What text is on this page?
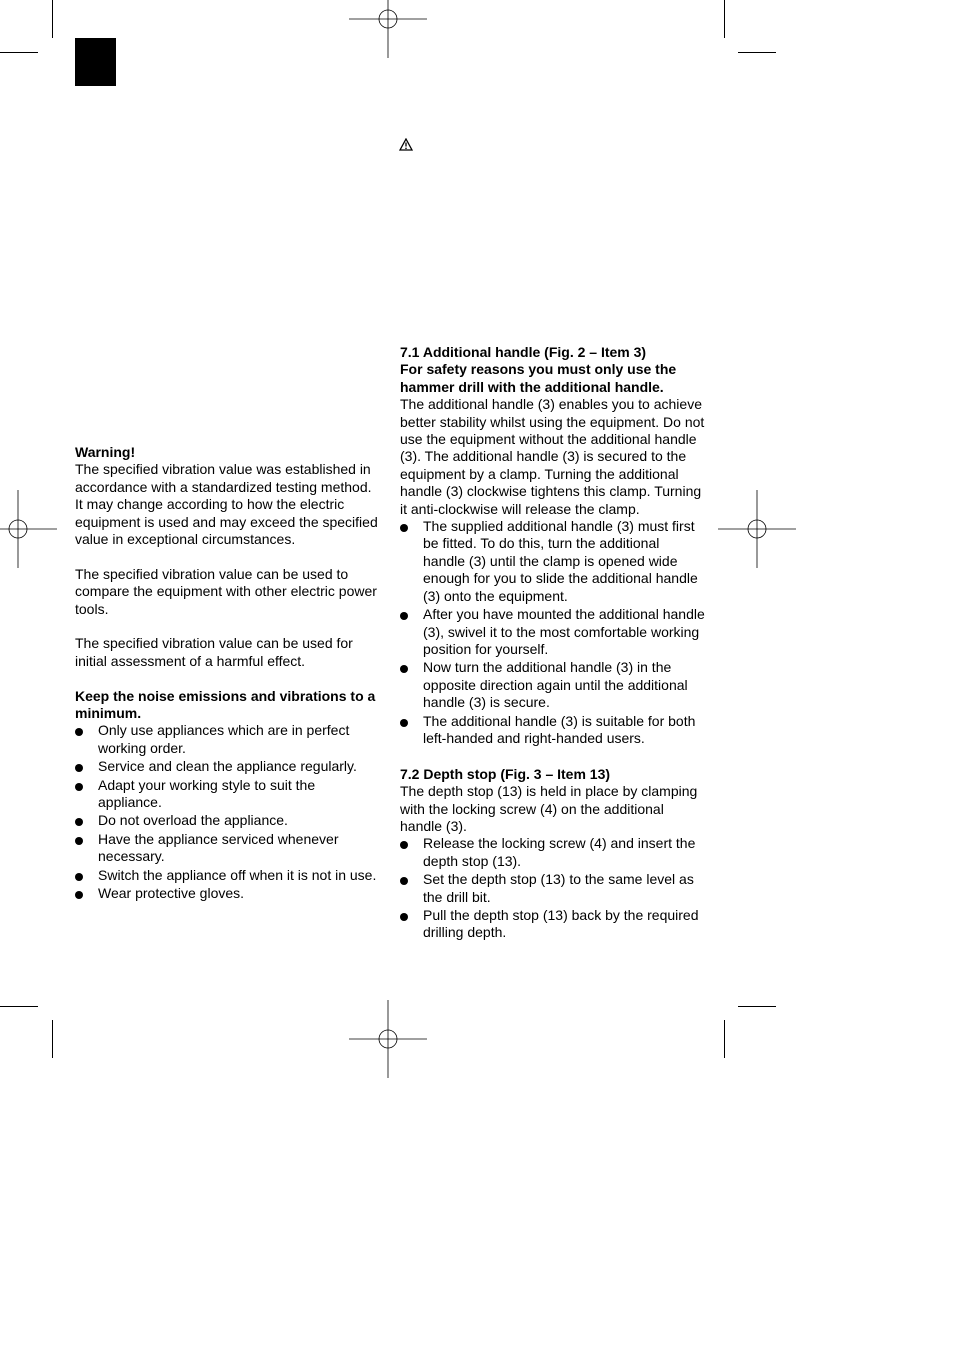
Warning!

The specified vibration value was established in accordance with a standardized testing method. It may change according to how the electric equipment is used and may exceed the specified value in exceptional circumstances.

The specified vibration value can be used to compare the equipment with other electric power tools.

The specified vibration value can be used for initial assessment of a harmful effect.

Keep the noise emissions and vibrations to a minimum.

Only use appliances which are in perfect working order.
Service and clean the appliance regularly.
Adapt your working style to suit the appliance.
Do not overload the appliance.
Have the appliance serviced whenever necessary.
Switch the appliance off when it is not in use.
Wear protective gloves.

7.1 Additional handle (Fig. 2 – Item 3)

For safety reasons you must only use the hammer drill with the additional handle.

The additional handle (3) enables you to achieve better stability whilst using the equipment. Do not use the equipment without the additional handle (3). The additional handle (3) is secured to the equipment by a clamp. Turning the additional handle (3) clockwise tightens this clamp. Turning it anti-clockwise will release the clamp.

The supplied additional handle (3) must first be fitted. To do this, turn the additional handle (3) until the clamp is opened wide enough for you to slide the additional handle (3) onto the equipment.
After you have mounted the additional handle (3), swivel it to the most comfortable working position for yourself.
Now turn the additional handle (3) in the opposite direction again until the additional handle (3) is secure.
The additional handle (3) is suitable for both left-handed and right-handed users.

7.2 Depth stop (Fig. 3 – Item 13)

The depth stop (13) is held in place by clamping with the locking screw (4) on the additional handle (3).

Release the locking screw (4) and insert the depth stop (13).
Set the depth stop (13) to the same level as the drill bit.
Pull the depth stop (13) back by the required drilling depth.
